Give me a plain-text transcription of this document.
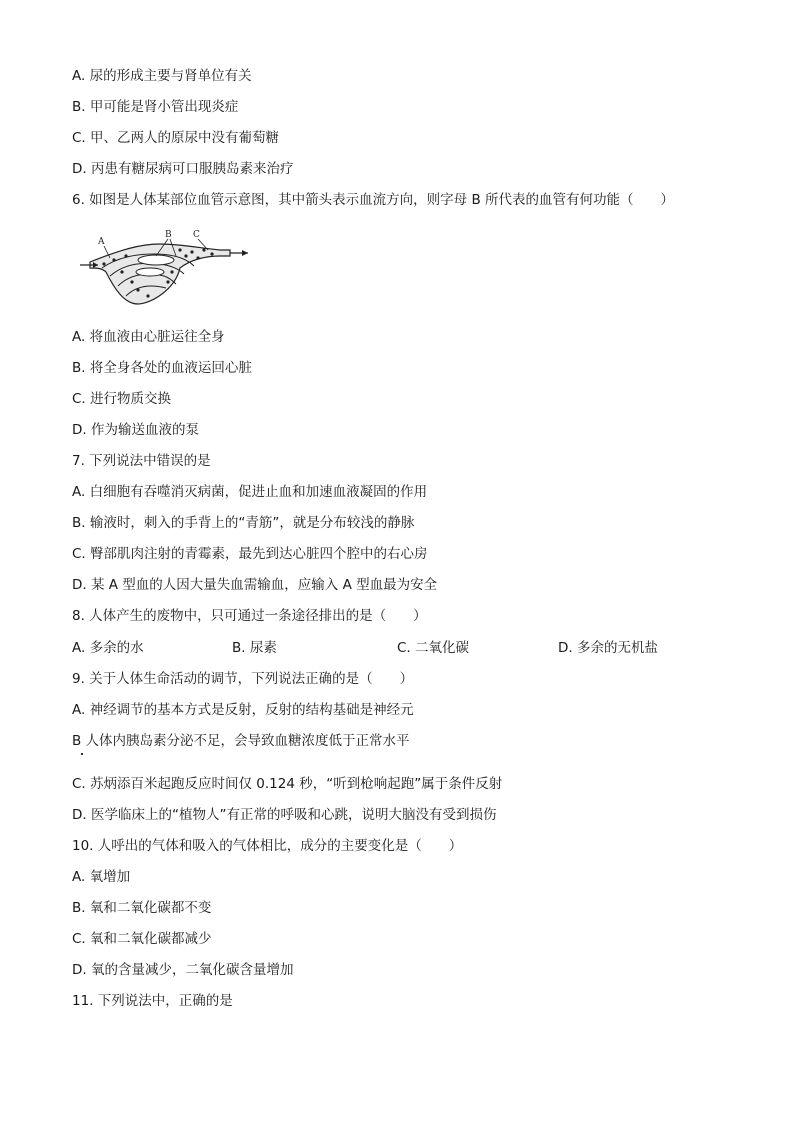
A. 尿的形成主要与肾单位有关
B. 甲可能是肾小管出现炎症
C. 甲、乙两人的原尿中没有葡萄糖
D. 丙患有糖尿病可口服胰岛素来治疗
6. 如图是人体某部位血管示意图，其中箭头表示血流方向，则字母 B 所代表的血管有何功能（　　）
A
B C
A. 将血液由心脏运往全身
B. 将全身各处的血液运回心脏
C. 进行物质交换
D. 作为输送血液的泵
7. 下列说法中错误的是
A. 白细胞有吞噬消灭病菌，促进止血和加速血液凝固的作用
B. 输液时，刺入的手背上的“青筋”，就是分布较浅的静脉
C. 臀部肌肉注射的青霉素，最先到达心脏四个腔中的右心房
D. 某 A 型血的人因大量失血需输血，应输入 A 型血最为安全
8. 人体产生的废物中，只可通过一条途径排出的是（　　）
A. 多余的水	B. 尿素	C. 二氧化碳	D. 多余的无机盐
9. 关于人体生命活动的调节，下列说法正确的是（　　）
A. 神经调节的基本方式是反射，反射的结构基础是神经元
B 人体内胰岛素分泌不足，会导致血糖浓度低于正常水平
C. 苏炳添百米起跑反应时间仅 0.124 秒，“听到枪响起跑”属于条件反射
D. 医学临床上的“植物人”有正常的呼吸和心跳，说明大脑没有受到损伤
10. 人呼出的气体和吸入的气体相比，成分的主要变化是（　　）
A. 氧增加
B. 氧和二氧化碳都不变
C. 氧和二氧化碳都减少
D. 氧的含量减少，二氧化碳含量增加
11. 下列说法中，正确的是
